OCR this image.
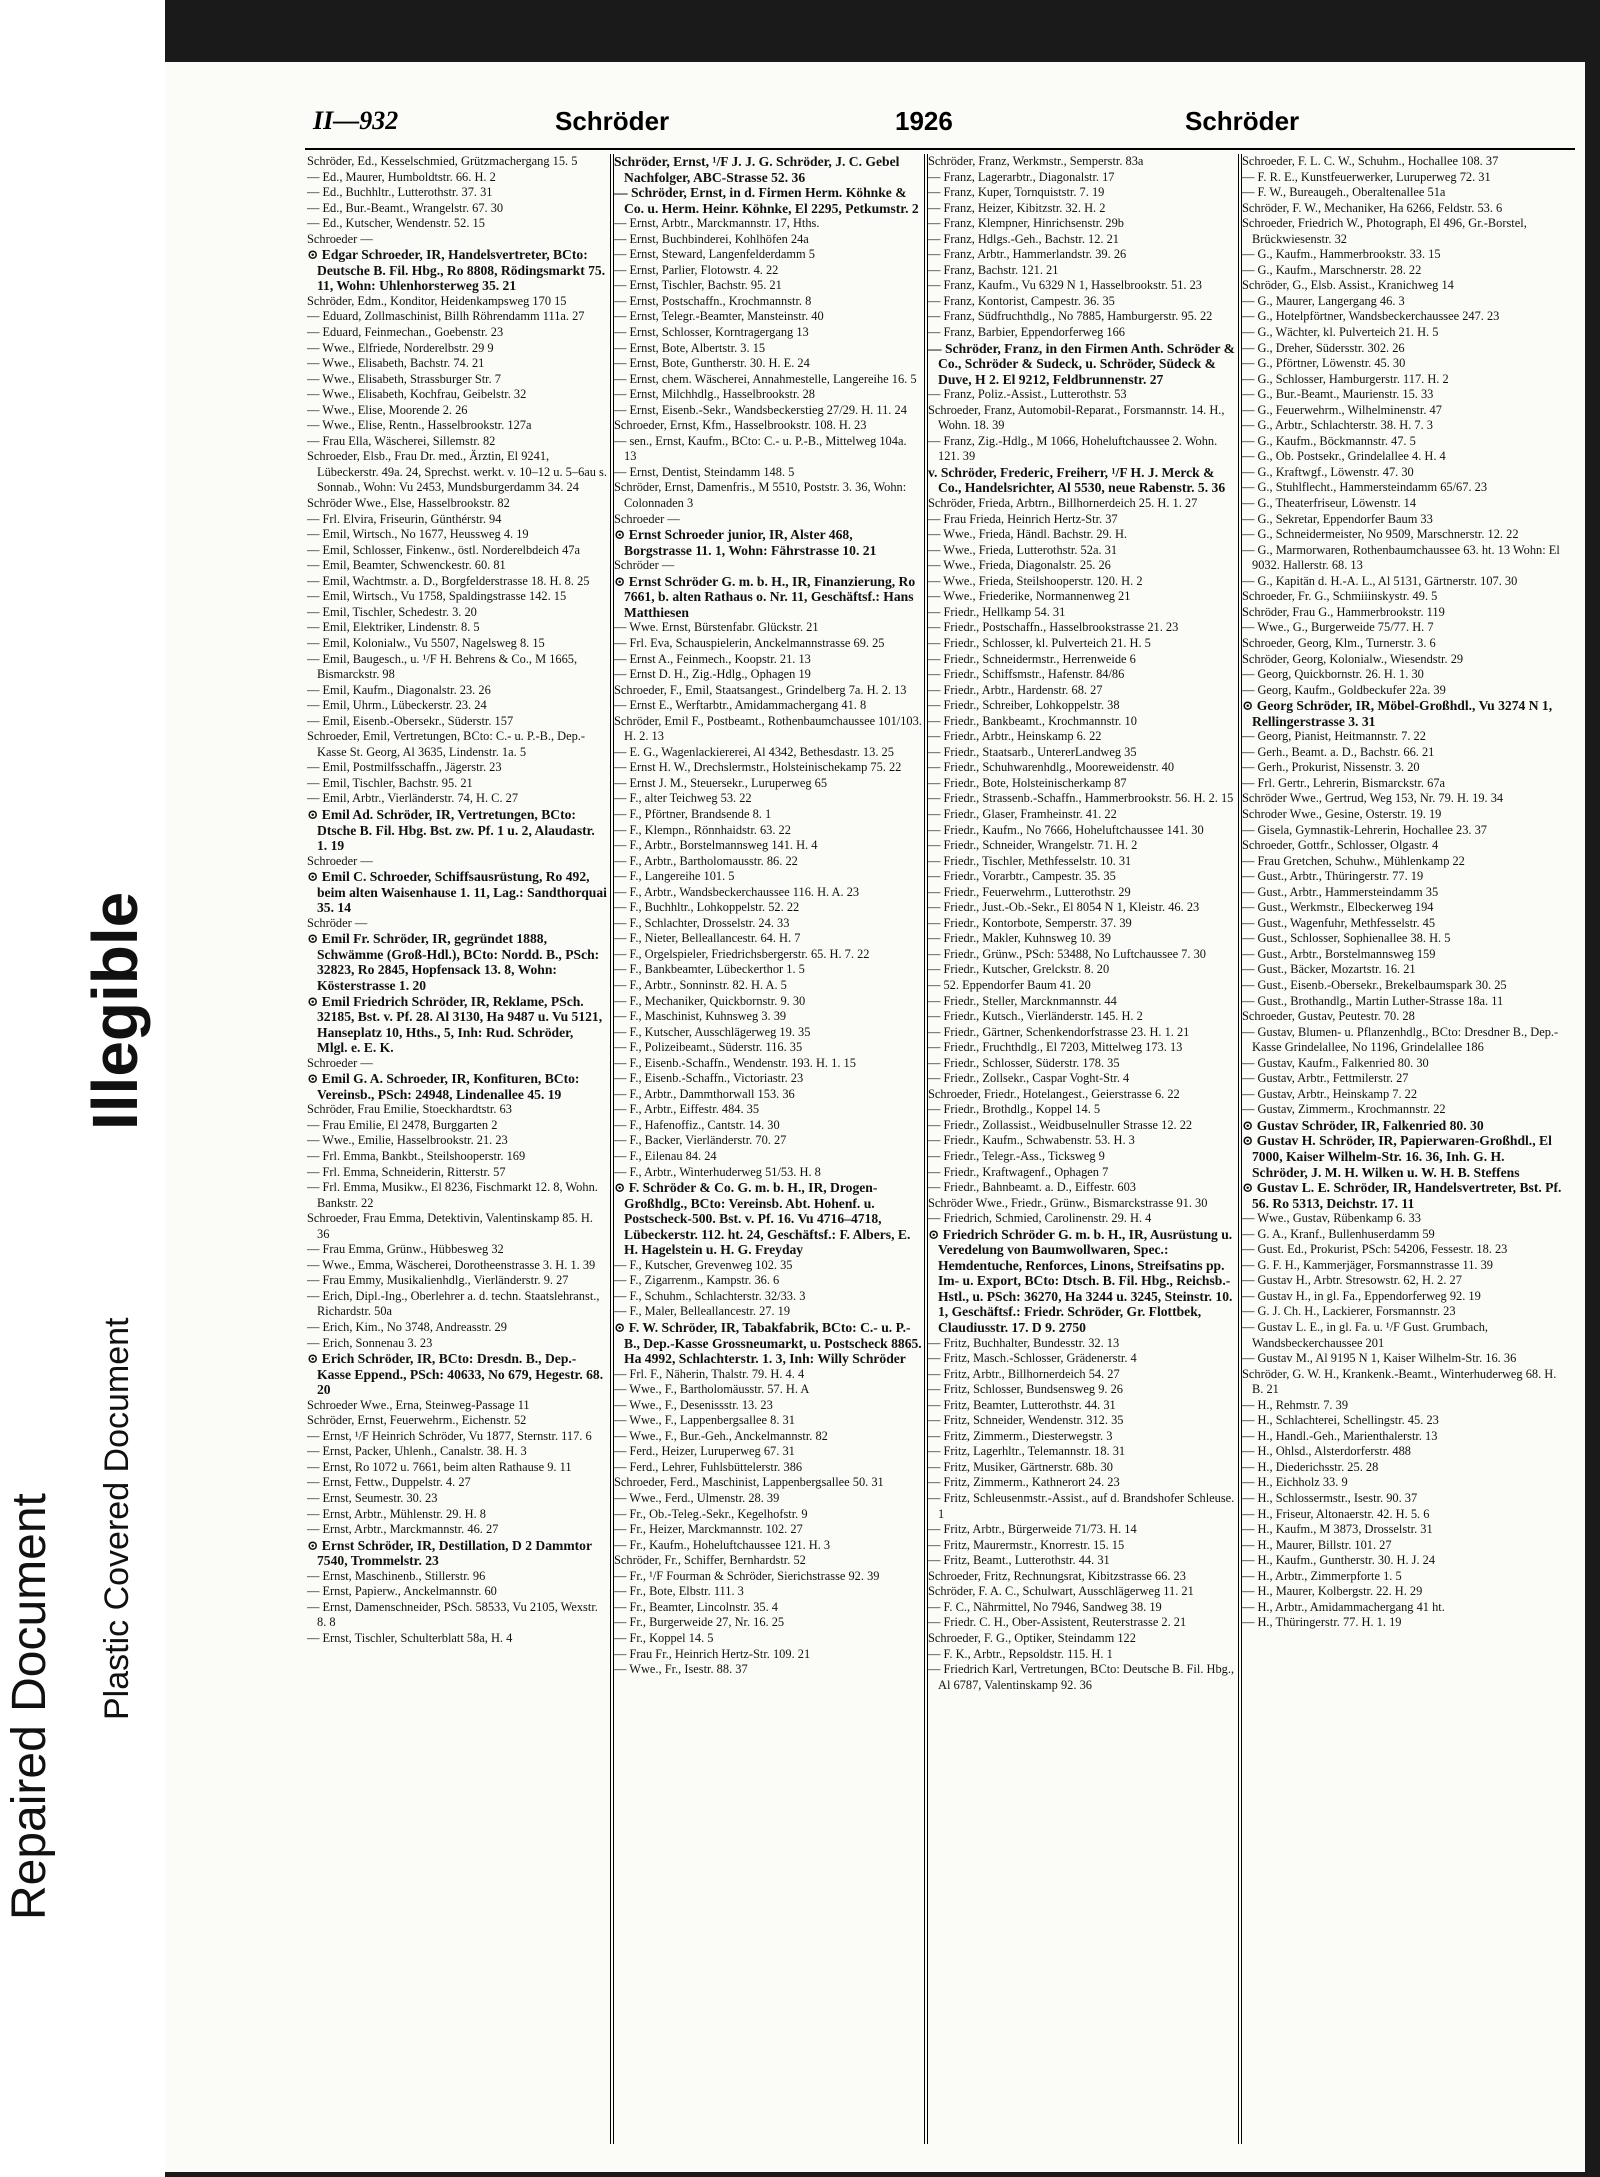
Repaired Document
Illegible
Plastic Covered Document
II—932	Schröder	1926	Schröder
Schröder, Ed., Kesselschmied, Grützmachergang 15. 5
— Ed., Maurer, Humboldtstr. 66. H. 2
— Ed., Buchhltr., Lutterothstr. 37. 31
— Ed., Bur.-Beamt., Wrangelstr. 67. 30
— Ed., Kutscher, Wendenstr. 52. 15
Schroeder —
⊙ Edgar Schroeder, IR, Handelsvertreter, BCto: Deutsche B. Fil. Hbg., Ro 8808, Rödingsmarkt 75. 11, Wohn: Uhlenhorsterweg 35. 21
Schröder, Edm., Konditor, Heidenkampsweg 170 15
— Eduard, Zollmaschinist, Billh Röhrendamm 111a. 27
— Eduard, Feinmechan., Goebenstr. 23
— Wwe., Elfriede, Norderelbstr. 29 9
— Wwe., Elisabeth, Bachstr. 74. 21
— Wwe., Elisabeth, Strassburger Str. 7
— Wwe., Elisabeth, Kochfrau, Geibelstr. 32
— Wwe., Elise, Moorende 2. 26
— Wwe., Elise, Rentn., Hasselbrookstr. 127a
— Frau Ella, Wäscherei, Sillemstr. 82
Schroeder, Elsb., Frau Dr. med., Ärztin, El 9241, Lübeckerstr. 49a. 24, Sprechst. werkt. v. 10–12 u. 5–6au s. Sonnab., Wohn: Vu 2453, Mundsburgerdamm 34. 24
Schröder Wwe., Else, Hasselbrookstr. 82
— Frl. Elvira, Friseurin, Günthérstr. 94
— Emil, Wirtsch., No 1677, Heussweg 4. 19
— Emil, Schlosser, Finkenw., östl. Norderelbdeich 47a
— Emil, Beamter, Schwenckestr. 60. 81
— Emil, Wachtmstr. a. D., Borgfelderstrasse 18. H. 8. 25
— Emil, Wirtsch., Vu 1758, Spaldingstrasse 142. 15
— Emil, Tischler, Schedestr. 3. 20
— Emil, Elektriker, Lindenstr. 8. 5
— Emil, Kolonialw., Vu 5507, Nagelsweg 8. 15
— Emil, Baugesch., u. ¹/F H. Behrens & Co., M 1665, Bismarckstr. 98
— Emil, Kaufm., Diagonalstr. 23. 26
— Emil, Uhrm., Lübeckerstr. 23. 24
— Emil, Eisenb.-Obersekr., Süderstr. 157
Schroeder, Emil, Vertretungen, BCto: C.- u. P.-B., Dep.-Kasse St. Georg, Al 3635, Lindenstr. 1a. 5
— Emil, Postmilfsschaffn., Jägerstr. 23
— Emil, Tischler, Bachstr. 95. 21
— Emil, Arbtr., Vierländerstr. 74, H. C. 27
⊙ Emil Ad. Schröder, IR, Vertretungen, BCto: Dtsche B. Fil. Hbg. Bst. zw. Pf. 1 u. 2, Alaudastr. 1. 19
Schroeder —
⊙ Emil C. Schroeder, Schiffsausrüstung, Ro 492, beim alten Waisenhause 1. 11, Lag.: Sandthorquai 35. 14
Schröder —
⊙ Emil Fr. Schröder, IR, gegründet 1888, Schwämme (Groß-Hdl.), BCto: Nordd. B., PSch: 32823, Ro 2845, Hopfensack 13. 8, Wohn: Kösterstrasse 1. 20
⊙ Emil Friedrich Schröder, IR, Reklame, PSch. 32185, Bst. v. Pf. 28. Al 3130, Ha 9487 u. Vu 5121, Hanseplatz 10, Hths., 5, Inh: Rud. Schröder, Mlgl. e. E. K.
Schroeder —
⊙ Emil G. A. Schroeder, IR, Konfituren, BCto: Vereinsb., PSch: 24948, Lindenallee 45. 19
Schröder, Frau Emilie, Stoeckhardtstr. 63
— Frau Emilie, El 2478, Burggarten 2
— Wwe., Emilie, Hasselbrookstr. 21. 23
— Frl. Emma, Bankbt., Steilshooperstr. 169
— Frl. Emma, Schneiderin, Ritterstr. 57
— Frl. Emma, Musikw., El 8236, Fischmarkt 12. 8, Wohn. Bankstr. 22
Schroeder, Frau Emma, Detektivin, Valentinskamp 85. H. 36
— Frau Emma, Grünw., Hübbesweg 32
— Wwe., Emma, Wäscherei, Dorotheenstrasse 3. H. 1. 39
— Frau Emmy, Musikalienhdlg., Vierländerstr. 9. 27
— Erich, Dipl.-Ing., Oberlehrer a. d. techn. Staatslehranst., Richardstr. 50a
— Erich, Kim., No 3748, Andreasstr. 29
— Erich, Sonnenau 3. 23
⊙ Erich Schröder, IR, BCto: Dresdn. B., Dep.-Kasse Eppend., PSch: 40633, No 679, Hegestr. 68. 20
Schroeder Wwe., Erna, Steinweg-Passage 11
Schröder, Ernst, Feuerwehrm., Eichenstr. 52
— Ernst, ¹/F Heinrich Schröder, Vu 1877, Sternstr. 117. 6
— Ernst, Packer, Uhlenh., Canalstr. 38. H. 3
— Ernst, Ro 1072 u. 7661, beim alten Rathause 9. 11
— Ernst, Fettw., Duppelstr. 4. 27
— Ernst, Seumestr. 30. 23
— Ernst, Arbtr., Mühlenstr. 29. H. 8
— Ernst, Arbtr., Marckmannstr. 46. 27
⊙ Ernst Schröder, IR, Destillation, D 2 Dammtor 7540, Trommelstr. 23
— Ernst, Maschinenb., Stillerstr. 96
— Ernst, Papierw., Anckelmannstr. 60
— Ernst, Damenschneider, PSch. 58533, Vu 2105, Wexstr. 8. 8
— Ernst, Tischler, Schulterblatt 58a, H. 4
Schröder, Ernst, ¹/F J. J. G. Schröder, J. C. Gebel Nachfolger, ABC-Strasse 52. 36
— Schröder, Ernst, in d. Firmen Herm. Köhnke & Co. u. Herm. Heinr. Köhnke, El 2295, Petkumstr. 2
— Ernst, Arbtr., Marckmannstr. 17, Hths.
— Ernst, Buchbinderei, Kohlhöfen 24a
— Ernst, Steward, Langenfelderdamm 5
— Ernst, Parlier, Flotowstr. 4. 22
— Ernst, Tischler, Bachstr. 95. 21
— Ernst, Postschaffn., Krochmannstr. 8
— Ernst, Telegr.-Beamter, Mansteinstr. 40
— Ernst, Schlosser, Korntragergang 13
— Ernst, Bote, Albertstr. 3. 15
— Ernst, Bote, Guntherstr. 30. H. E. 24
— Ernst, chem. Wäscherei, Annahmestelle, Langereihe 16. 5
— Ernst, Milchhdlg., Hasselbrookstr. 28
— Ernst, Eisenb.-Sekr., Wandsbeckerstieg 27/29. H. 11. 24
Schroeder, Ernst, Kfm., Hasselbrookstr. 108. H. 23
— sen., Ernst, Kaufm., BCto: C.- u. P.-B., Mittelweg 104a. 13
— Ernst, Dentist, Steindamm 148. 5
Schröder, Ernst, Damenfris., M 5510, Poststr. 3. 36, Wohn: Colonnaden 3
Schroeder —
⊙ Ernst Schroeder junior, IR, Alster 468, Borgstrasse 11. 1, Wohn: Fährstrasse 10. 21
Schröder —
⊙ Ernst Schröder G. m. b. H., IR, Finanzierung, Ro 7661, b. alten Rathaus o. Nr. 11, Geschäftsf.: Hans Matthiesen
— Wwe. Ernst, Bürstenfabr. Glückstr. 21
— Frl. Eva, Schauspielerin, Anckelmannstrasse 69. 25
— Ernst A., Feinmech., Koopstr. 21. 13
— Ernst D. H., Zig.-Hdlg., Ophagen 19
Schroeder, F., Emil, Staatsangest., Grindelberg 7a. H. 2. 13
— Ernst E., Werftarbtr., Amidammachergang 41. 8
Schröder, Emil F., Postbeamt., Rothenbaumchaussee 101/103. H. 2. 13
— E. G., Wagenlackiererei, Al 4342, Bethesdastr. 13. 25
— Ernst H. W., Drechslermstr., Holsteinischekamp 75. 22
— Ernst J. M., Steuersekr., Luruperweg 65
— F., alter Teichweg 53. 22
— F., Pförtner, Brandsende 8. 1
— F., Klempn., Rönnhaidstr. 63. 22
— F., Arbtr., Borstelmannsweg 141. H. 4
— F., Arbtr., Bartholomausstr. 86. 22
— F., Langereihe 101. 5
— F., Arbtr., Wandsbeckerchaussee 116. H. A. 23
— F., Buchhltr., Lohkoppelstr. 52. 22
— F., Schlachter, Drosselstr. 24. 33
— F., Nieter, Belleallancestr. 64. H. 7
— F., Orgelspieler, Friedrichsbergerstr. 65. H. 7. 22
— F., Bankbeamter, Lübeckerthor 1. 5
— F., Arbtr., Sonninstr. 82. H. A. 5
— F., Mechaniker, Quickbornstr. 9. 30
— F., Maschinist, Kuhnsweg 3. 39
— F., Kutscher, Ausschlägerweg 19. 35
— F., Polizeibeamt., Süderstr. 116. 35
— F., Eisenb.-Schaffn., Wendenstr. 193. H. 1. 15
— F., Eisenb.-Schaffn., Victoriastr. 23
— F., Arbtr., Dammthorwall 153. 36
— F., Arbtr., Eiffestr. 484. 35
— F., Hafenoffiz., Cantstr. 14. 30
— F., Backer, Vierländerstr. 70. 27
— F., Eilenau 84. 24
— F., Arbtr., Winterhuderweg 51/53. H. 8
⊙ F. Schröder & Co. G. m. b. H., IR, Drogen-Großhdlg., BCto: Vereinsb. Abt. Hohenf. u. Postscheck-500. Bst. v. Pf. 16. Vu 4716–4718, Lübeckerstr. 112. ht. 24, Geschäftsf.: F. Albers, E. H. Hagelstein u. H. G. Freyday
— F., Kutscher, Grevenweg 102. 35
— F., Zigarrenm., Kampstr. 36. 6
— F., Schuhm., Schlachterstr. 32/33. 3
— F., Maler, Belleallancestr. 27. 19
⊙ F. W. Schröder, IR, Tabakfabrik, BCto: C.- u. P.-B., Dep.-Kasse Grossneumarkt, u. Postscheck 8865. Ha 4992, Schlachterstr. 1. 3, Inh: Willy Schröder
— Frl. F., Näherin, Thalstr. 79. H. 4. 4
— Wwe., F., Bartholomäusstr. 57. H. A
— Wwe., F., Desenissstr. 13. 23
— Wwe., F., Lappenbergsallee 8. 31
— Wwe., F., Bur.-Geh., Anckelmannstr. 82
— Ferd., Heizer, Luruperweg 67. 31
— Ferd., Lehrer, Fuhlsbüttelerstr. 386
Schroeder, Ferd., Maschinist, Lappenbergsallee 50. 31
— Wwe., Ferd., Ulmenstr. 28. 39
— Fr., Ob.-Teleg.-Sekr., Kegelhofstr. 9
— Fr., Heizer, Marckmannstr. 102. 27
— Fr., Kaufm., Hoheluftchaussee 121. H. 3
Schröder, Fr., Schiffer, Bernhardstr. 52
— Fr., ¹/F Fourman & Schröder, Sierichstrasse 92. 39
— Fr., Bote, Elbstr. 111. 3
— Fr., Beamter, Lincolnstr. 35. 4
— Fr., Burgerweide 27, Nr. 16. 25
— Fr., Koppel 14. 5
— Frau Fr., Heinrich Hertz-Str. 109. 21
— Wwe., Fr., Isestr. 88. 37
Schröder, Franz, Werkmstr., Semperstr. 83a
— Franz, Lagerarbtr., Diagonalstr. 17
— Franz, Kuper, Tornquiststr. 7. 19
— Franz, Heizer, Kibitzstr. 32. H. 2
— Franz, Klempner, Hinrichsenstr. 29b
— Franz, Hdlgs.-Geh., Bachstr. 12. 21
— Franz, Arbtr., Hammerlandstr. 39. 26
— Franz, Bachstr. 121. 21
— Franz, Kaufm., Vu 6329 N 1, Hasselbrookstr. 51. 23
— Franz, Kontorist, Campestr. 36. 35
— Franz, Südfruchthdlg., No 7885, Hamburgerstr. 95. 22
— Franz, Barbier, Eppendorferweg 166
— Schröder, Franz, in den Firmen Anth. Schröder & Co., Schröder & Sudeck, u. Schröder, Südeck & Duve, H 2. El 9212, Feldbrunnenstr. 27
— Franz, Poliz.-Assist., Lutterothstr. 53
Schroeder, Franz, Automobil-Reparat., Forsmannstr. 14. H., Wohn. 18. 39
— Franz, Zig.-Hdlg., M 1066, Hoheluftchaussee 2. Wohn. 121. 39
v. Schröder, Frederic, Freiherr, ¹/F H. J. Merck & Co., Handelsrichter, Al 5530, neue Rabenstr. 5. 36
Schröder, Frieda, Arbtrn., Billhornerdeich 25. H. 1. 27
— Frau Frieda, Heinrich Hertz-Str. 37
— Wwe., Frieda, Händl. Bachstr. 29. H.
— Wwe., Frieda, Lutterothstr. 52a. 31
— Wwe., Frieda, Diagonalstr. 25. 26
— Wwe., Frieda, Steilshooperstr. 120. H. 2
— Wwe., Friederike, Normannenweg 21
— Friedr., Hellkamp 54. 31
— Friedr., Postschaffn., Hasselbrookstrasse 21. 23
— Friedr., Schlosser, kl. Pulverteich 21. H. 5
— Friedr., Schneidermstr., Herrenweide 6
— Friedr., Schiffsmstr., Hafenstr. 84/86
— Friedr., Arbtr., Hardenstr. 68. 27
— Friedr., Schreiber, Lohkoppelstr. 38
— Friedr., Bankbeamt., Krochmannstr. 10
— Friedr., Arbtr., Heinskamp 6. 22
— Friedr., Staatsarb., UntererLandweg 35
— Friedr., Schuhwarenhdlg., Mooreweidenstr. 40
— Friedr., Bote, Holsteinischerkamp 87
— Friedr., Strassenb.-Schaffn., Hammerbrookstr. 56. H. 2. 15
— Friedr., Glaser, Framheinstr. 41. 22
— Friedr., Kaufm., No 7666, Hoheluftchaussee 141. 30
— Friedr., Schneider, Wrangelstr. 71. H. 2
— Friedr., Tischler, Methfesselstr. 10. 31
— Friedr., Vorarbtr., Campestr. 35. 35
— Friedr., Feuerwehrm., Lutterothstr. 29
— Friedr., Just.-Ob.-Sekr., El 8054 N 1, Kleistr. 46. 23
— Friedr., Kontorbote, Semperstr. 37. 39
— Friedr., Makler, Kuhnsweg 10. 39
— Friedr., Grünw., PSch: 53488, No Luftchaussee 7. 30
— Friedr., Kutscher, Grelckstr. 8. 20
— 52. Eppendorfer Baum 41. 20
— Friedr., Steller, Marcknmannstr. 44
— Friedr., Kutsch., Vierländerstr. 145. H. 2
— Friedr., Gärtner, Schenkendorfstrasse 23. H. 1. 21
— Friedr., Fruchthdlg., El 7203, Mittelweg 173. 13
— Friedr., Schlosser, Süderstr. 178. 35
— Friedr., Zollsekr., Caspar Voght-Str. 4
Schroeder, Friedr., Hotelangest., Geierstrasse 6. 22
— Friedr., Brothdlg., Koppel 14. 5
— Friedr., Zollassist., Weidbuselnuller Strasse 12. 22
— Friedr., Kaufm., Schwabenstr. 53. H. 3
— Friedr., Telegr.-Ass., Ticksweg 9
— Friedr., Kraftwagenf., Ophagen 7
— Friedr., Bahnbeamt. a. D., Eiffestr. 603
Schröder Wwe., Friedr., Grünw., Bismarckstrasse 91. 30
— Friedrich, Schmied, Carolinenstr. 29. H. 4
⊙ Friedrich Schröder G. m. b. H., IR, Ausrüstung u. Veredelung von Baumwollwaren, Spec.: Hemdentuche, Renforces, Linons, Streifsatins pp. Im- u. Export, BCto: Dtsch. B. Fil. Hbg., Reichsb.-Hstl., u. PSch: 36270, Ha 3244 u. 3245, Steinstr. 10. 1, Geschäftsf.: Friedr. Schröder, Gr. Flottbek, Claudiusstr. 17. D 9. 2750
— Fritz, Buchhalter, Bundesstr. 32. 13
— Fritz, Masch.-Schlosser, Grädenerstr. 4
— Fritz, Arbtr., Billhornerdeich 54. 27
— Fritz, Schlosser, Bundsensweg 9. 26
— Fritz, Beamter, Lutterothstr. 44. 31
— Fritz, Schneider, Wendenstr. 312. 35
— Fritz, Zimmerm., Diesterwegstr. 3
— Fritz, Lagerhltr., Telemannstr. 18. 31
— Fritz, Musiker, Gärtnerstr. 68b. 30
— Fritz, Zimmerm., Kathnerort 24. 23
— Fritz, Schleusenmstr.-Assist., auf d. Brandshofer Schleuse. 1
— Fritz, Arbtr., Bürgerweide 71/73. H. 14
— Fritz, Maurermstr., Knorrestr. 15. 15
— Fritz, Beamt., Lutterothstr. 44. 31
Schroeder, Fritz, Rechnungsrat, Kibitzstrasse 66. 23
Schröder, F. A. C., Schulwart, Ausschlägerweg 11. 21
— F. C., Nährmittel, No 7946, Sandweg 38. 19
— Friedr. C. H., Ober-Assistent, Reuterstrasse 2. 21
Schroeder, F. G., Optiker, Steindamm 122
— F. K., Arbtr., Repsoldstr. 115. H. 1
— Friedrich Karl, Vertretungen, BCto: Deutsche B. Fil. Hbg., Al 6787, Valentinskamp 92. 36
Schroeder, F. L. C. W., Schuhm., Hochallee 108. 37
— F. R. E., Kunstfeuerwerker, Luruperweg 72. 31
— F. W., Bureaugeh., Oberaltenallee 51a
Schröder, F. W., Mechaniker, Ha 6266, Feldstr. 53. 6
Schroeder, Friedrich W., Photograph, El 496, Gr.-Borstel, Brückwiesenstr. 32
— G., Kaufm., Hammerbrookstr. 33. 15
— G., Kaufm., Marschnerstr. 28. 22
Schröder, G., Elsb. Assist., Kranichweg 14
— G., Maurer, Langergang 46. 3
— G., Hotelpförtner, Wandsbeckerchaussee 247. 23
— G., Wächter, kl. Pulverteich 21. H. 5
— G., Dreher, Südersstr. 302. 26
— G., Pförtner, Löwenstr. 45. 30
— G., Schlosser, Hamburgerstr. 117. H. 2
— G., Bur.-Beamt., Maurienstr. 15. 33
— G., Feuerwehrm., Wilhelminenstr. 47
— G., Arbtr., Schlachterstr. 38. H. 7. 3
— G., Kaufm., Böckmannstr. 47. 5
— G., Ob. Postsekr., Grindelallee 4. H. 4
— G., Kraftwgf., Löwenstr. 47. 30
— G., Stuhlflecht., Hammersteindamm 65/67. 23
— G., Theaterfriseur, Löwenstr. 14
— G., Sekretar, Eppendorfer Baum 33
— G., Schneidermeister, No 9509, Marschnerstr. 12. 22
— G., Marmorwaren, Rothenbaumchaussee 63. ht. 13 Wohn: El 9032. Hallerstr. 68. 13
— G., Kapitän d. H.-A. L., Al 5131, Gärtnerstr. 107. 30
Schroeder, Fr. G., Schmiiinskystr. 49. 5
Schröder, Frau G., Hammerbrookstr. 119
— Wwe., G., Burgerweide 75/77. H. 7
Schroeder, Georg, Klm., Turnerstr. 3. 6
Schröder, Georg, Kolonialw., Wiesendstr. 29
— Georg, Quickbornstr. 26. H. 1. 30
— Georg, Kaufm., Goldbeckufer 22a. 39
⊙ Georg Schröder, IR, Möbel-Großhdl., Vu 3274 N 1, Rellingerstrasse 3. 31
— Georg, Pianist, Heitmannstr. 7. 22
— Gerh., Beamt. a. D., Bachstr. 66. 21
— Gerh., Prokurist, Nissenstr. 3. 20
— Frl. Gertr., Lehrerin, Bismarckstr. 67a
Schröder Wwe., Gertrud, Weg 153, Nr. 79. H. 19. 34
Schroder Wwe., Gesine, Osterstr. 19. 19
— Gisela, Gymnastik-Lehrerin, Hochallee 23. 37
Schroeder, Gottfr., Schlosser, Olgastr. 4
— Frau Gretchen, Schuhw., Mühlenkamp 22
— Gust., Arbtr., Thüringerstr. 77. 19
— Gust., Arbtr., Hammersteindamm 35
— Gust., Werkmstr., Elbeckerweg 194
— Gust., Wagenfuhr, Methfesselstr. 45
— Gust., Schlosser, Sophienallee 38. H. 5
— Gust., Arbtr., Borstelmannsweg 159
— Gust., Bäcker, Mozartstr. 16. 21
— Gust., Eisenb.-Obersekr., Brekelbaumspark 30. 25
— Gust., Brothandlg., Martin Luther-Strasse 18a. 11
Schroeder, Gustav, Peutestr. 70. 28
— Gustav, Blumen- u. Pflanzenhdlg., BCto: Dresdner B., Dep.-Kasse Grindelallee, No 1196, Grindelallee 186
— Gustav, Kaufm., Falkenried 80. 30
— Gustav, Arbtr., Fettmilerstr. 27
— Gustav, Arbtr., Heinskamp 7. 22
— Gustav, Zimmerm., Krochmannstr. 22
⊙ Gustav Schröder, IR, Falkenried 80. 30
⊙ Gustav H. Schröder, IR, Papierwaren-Großhdl., El 7000, Kaiser Wilhelm-Str. 16. 36, Inh. G. H. Schröder, J. M. H. Wilken u. W. H. B. Steffens
⊙ Gustav L. E. Schröder, IR, Handelsvertreter, Bst. Pf. 56. Ro 5313, Deichstr. 17. 11
— Wwe., Gustav, Rübenkamp 6. 33
— G. A., Kranf., Bullenhuserdamm 59
— Gust. Ed., Prokurist, PSch: 54206, Fessestr. 18. 23
— G. F. H., Kammerjäger, Forsmannstrasse 11. 39
— Gustav H., Arbtr. Stresowstr. 62, H. 2. 27
— Gustav H., in gl. Fa., Eppendorferweg 92. 19
— G. J. Ch. H., Lackierer, Forsmannstr. 23
— Gustav L. E., in gl. Fa. u. ¹/F Gust. Grumbach, Wandsbeckerchaussee 201
— Gustav M., Al 9195 N 1, Kaiser Wilhelm-Str. 16. 36
Schröder, G. W. H., Krankenk.-Beamt., Winterhuderweg 68. H. B. 21
— H., Rehmstr. 7. 39
— H., Schlachterei, Schellingstr. 45. 23
— H., Handl.-Geh., Marienthalerstr. 13
— H., Ohlsd., Alsterdorferstr. 488
— H., Diederichsstr. 25. 28
— H., Eichholz 33. 9
— H., Schlossermstr., Isestr. 90. 37
— H., Friseur, Altonaerstr. 42. H. 5. 6
— H., Kaufm., M 3873, Drosselstr. 31
— H., Maurer, Billstr. 101. 27
— H., Kaufm., Guntherstr. 30. H. J. 24
— H., Arbtr., Zimmerpforte 1. 5
— H., Maurer, Kolbergstr. 22. H. 29
— H., Arbtr., Amidammachergang 41 ht.
— H., Thüringerstr. 77. H. 1. 19
